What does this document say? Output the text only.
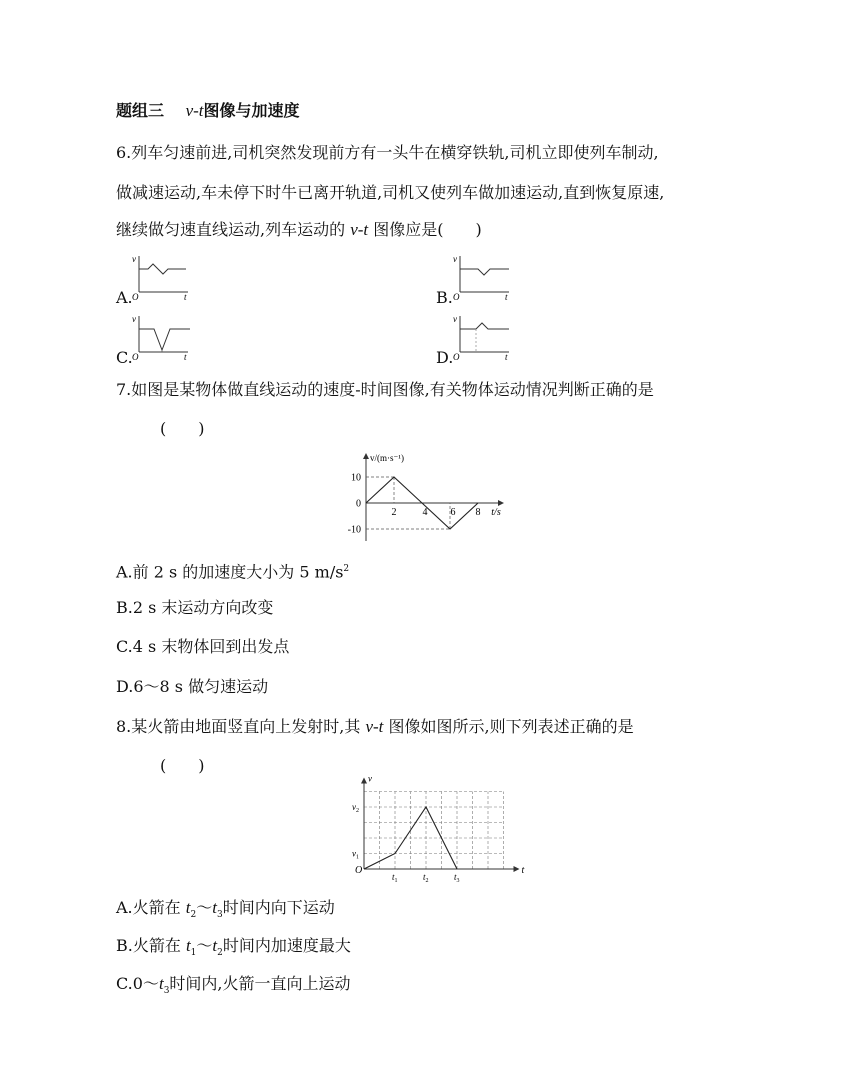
题组三 v-t图像与加速度
6.列车匀速前进,司机突然发现前方有一头牛在横穿铁轨,司机立即使列车制动,
做减速运动,车未停下时牛已离开轨道,司机又使列车做加速运动,直到恢复原速,
继续做匀速直线运动,列车运动的 v-t 图像应是(　　)
A.
v
O	t	B.
v
O	t
C.
v
O	t	D.
v
O	t
7.如图是某物体做直线运动的速度-时间图像,有关物体运动情况判断正确的是
(　　)
10
0
-10
2	4 6 8 t/s
v/(m·s⁻¹)
A.前 2 s 的加速度大小为 5 $m/s^2$
B.2 s 末运动方向改变
C.4 s 末物体回到出发点
D.6～8 s 做匀速运动
8.某火箭由地面竖直向上发射时,其 v-t 图像如图所示,则下列表述正确的是
(　　)
O
v
t
$v_1$
$v_2$
$t_1$	$t_2$	$t_3$
A.火箭在 $t_2\sim t_3$时间内向下运动
B.火箭在 $t_1\sim t_2$时间内加速度最大
$C.0\sim t_3$时间内,火箭一直向上运动
